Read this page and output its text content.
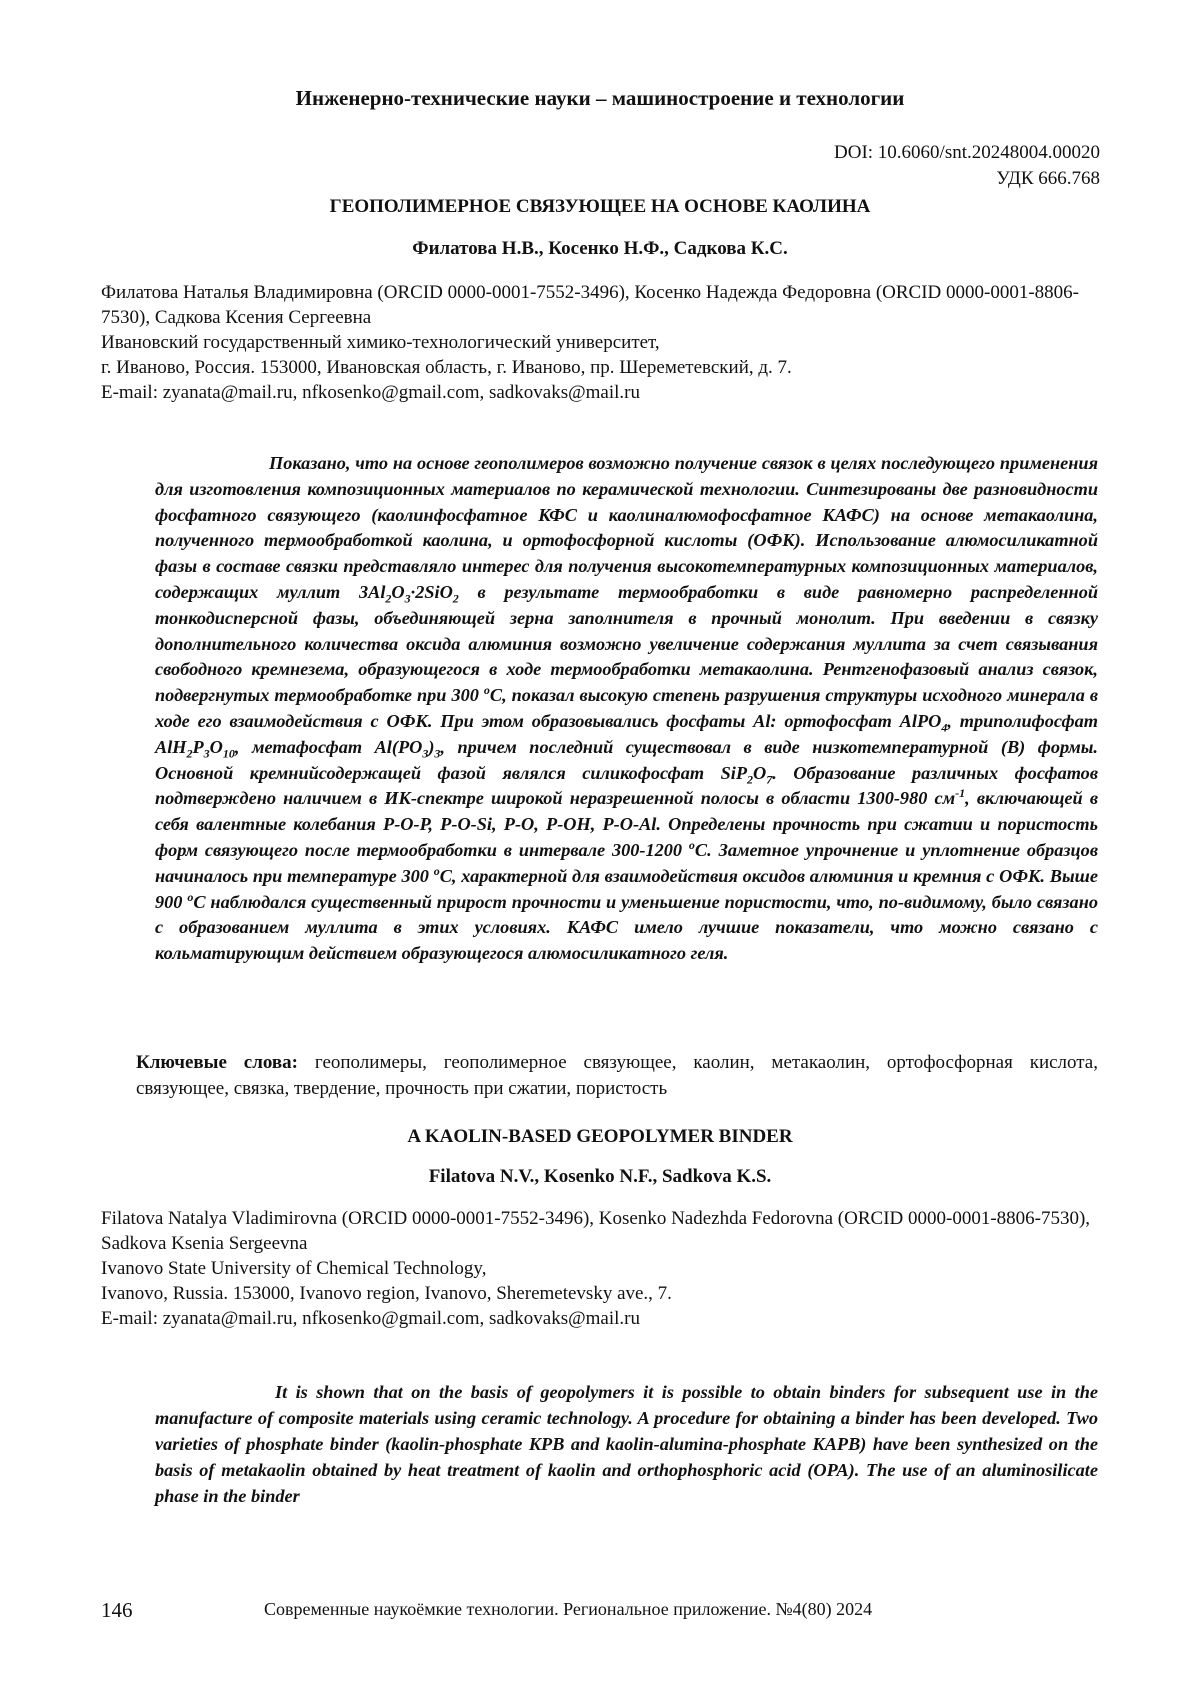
Инженерно-технические науки – машиностроение и технологии
DOI: 10.6060/snt.20248004.00020
УДК 666.768
ГЕОПОЛИМЕРНОЕ СВЯЗУЮЩЕЕ НА ОСНОВЕ КАОЛИНА
Филатова Н.В., Косенко Н.Ф., Садкова К.С.
Филатова Наталья Владимировна (ORCID 0000-0001-7552-3496), Косенко Надежда Федоровна (ORCID 0000-0001-8806-7530), Садкова Ксения Сергеевна
Ивановский государственный химико-технологический университет,
г. Иваново, Россия. 153000, Ивановская область, г. Иваново, пр. Шереметевский, д. 7.
E-mail: zyanata@mail.ru, nfkosenko@gmail.com, sadkovaks@mail.ru

Показано, что на основе геополимеров возможно получение связок в целях последующего применения для изготовления композиционных материалов по керамической технологии. Синтезированы две разновидности фосфатного связующего (каолинфосфатное КФС и каолиналюмофосфатное КАФС) на основе метакаолина, полученного термообработкой каолина, и ортофосфорной кислоты (ОФК). Использование алюмосиликатной фазы в составе связки представляло интерес для получения высокотемпературных композиционных материалов, содержащих муллит $3Al_2O_3\cdot 2SiO_2$ в результате термообработки в виде равномерно распределенной тонкодисперсной фазы, объединяющей зерна заполнителя в прочный монолит. При введении в связку дополнительного количества оксида алюминия возможно увеличение содержания муллита за счет связывания свободного кремнезема, образующегося в ходе термообработки метакаолина. Рентгенофазовый анализ связок, подвергнутых термообработке при 300 $^o$C, показал высокую степень разрушения структуры исходного минерала в ходе его взаимодействия с ОФК. При этом образовывались фосфаты Al: ортофосфат AlPO$_4$, триполифосфат $AlH_2P_3O_{10}$, метафосфат $Al(PO_3)_3$, причем последний существовал в виде низкотемпературной (В) формы. Основной кремнийсодержащей фазой являлся силикофосфат $SiP_2O_7$. Образование различных фосфатов подтверждено наличием в ИК-спектре широкой неразрешенной полосы в области 1300-980 $см^{-1}$, включающей в себя валентные колебания P-O-P, P-O-Si, P-O, P-OH, P-O-Al. Определены прочность при сжатии и пористость форм связующего после термообработки в интервале 300-1200 $^o$C. Заметное упрочнение и уплотнение образцов начиналось при температуре 300 $^o$C, характерной для взаимодействия оксидов алюминия и кремния с ОФК. Выше 900 $^o$C наблюдался существенный прирост прочности и уменьшение пористости, что, по-видимому, было связано с образованием муллита в этих условиях. КАФС имело лучшие показатели, что можно связано с кольматирующим действием образующегося алюмосиликатного геля.

Ключевые слова: геополимеры, геополимерное связующее, каолин, метакаолин, ортофосфорная кислота, связующее, связка, твердение, прочность при сжатии, пористость

A KAOLIN-BASED GEOPOLYMER BINDER
Filatova N.V., Kosenko N.F., Sadkova K.S.
Filatova Natalya Vladimirovna (ORCID 0000-0001-7552-3496), Kosenko Nadezhda Fedorovna (ORCID 0000-0001-8806-7530), Sadkova Ksenia Sergeevna
Ivanovo State University of Chemical Technology,
Ivanovo, Russia. 153000, Ivanovo region, Ivanovo, Sheremetevsky ave., 7.
E-mail: zyanata@mail.ru, nfkosenko@gmail.com, sadkovaks@mail.ru

It is shown that on the basis of geopolymers it is possible to obtain binders for subsequent use in the manufacture of composite materials using ceramic technology. A procedure for obtaining a binder has been developed. Two varieties of phosphate binder (kaolin-phosphate KPB and kaolin-alumina-phosphate KAPB) have been synthesized on the basis of metakaolin obtained by heat treatment of kaolin and orthophosphoric acid (OPA). The use of an aluminosilicate phase in the binder

146	Современные наукоёмкие технологии. Региональное приложение. №4(80) 2024
